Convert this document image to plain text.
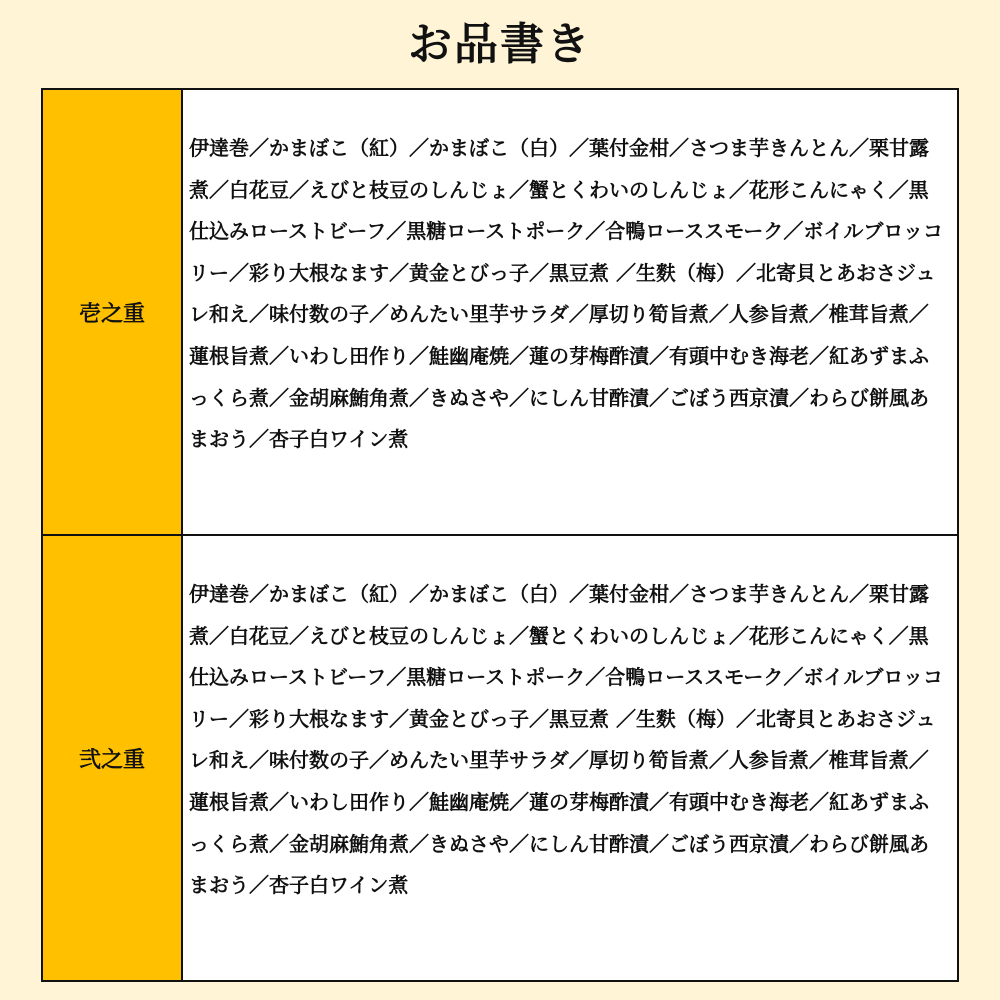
お品書き
壱之重
伊達巻／かまぼこ（紅）／かまぼこ（白）／葉付金柑／さつま芋きんとん／栗甘露煮／白花豆／えびと枝豆のしんじょ／蟹とくわいのしんじょ／花形こんにゃく／黒仕込みローストビーフ／黒糖ローストポーク／合鴨ローススモーク／ボイルブロッコリー／彩り大根なます／黄金とびっ子／黒豆煮 ／生麩（梅）／北寄貝とあおさジュレ和え／味付数の子／めんたい里芋サラダ／厚切り筍旨煮／人参旨煮／椎茸旨煮／蓮根旨煮／いわし田作り／鮭幽庵焼／蓮の芽梅酢漬／有頭中むき海老／紅あずまふっくら煮／金胡麻鮪角煮／きぬさや／にしん甘酢漬／ごぼう西京漬／わらび餅風あまおう／杏子白ワイン煮
弐之重
伊達巻／かまぼこ（紅）／かまぼこ（白）／葉付金柑／さつま芋きんとん／栗甘露煮／白花豆／えびと枝豆のしんじょ／蟹とくわいのしんじょ／花形こんにゃく／黒仕込みローストビーフ／黒糖ローストポーク／合鴨ローススモーク／ボイルブロッコリー／彩り大根なます／黄金とびっ子／黒豆煮 ／生麩（梅）／北寄貝とあおさジュレ和え／味付数の子／めんたい里芋サラダ／厚切り筍旨煮／人参旨煮／椎茸旨煮／蓮根旨煮／いわし田作り／鮭幽庵焼／蓮の芽梅酢漬／有頭中むき海老／紅あずまふっくら煮／金胡麻鮪角煮／きぬさや／にしん甘酢漬／ごぼう西京漬／わらび餅風あまおう／杏子白ワイン煮
